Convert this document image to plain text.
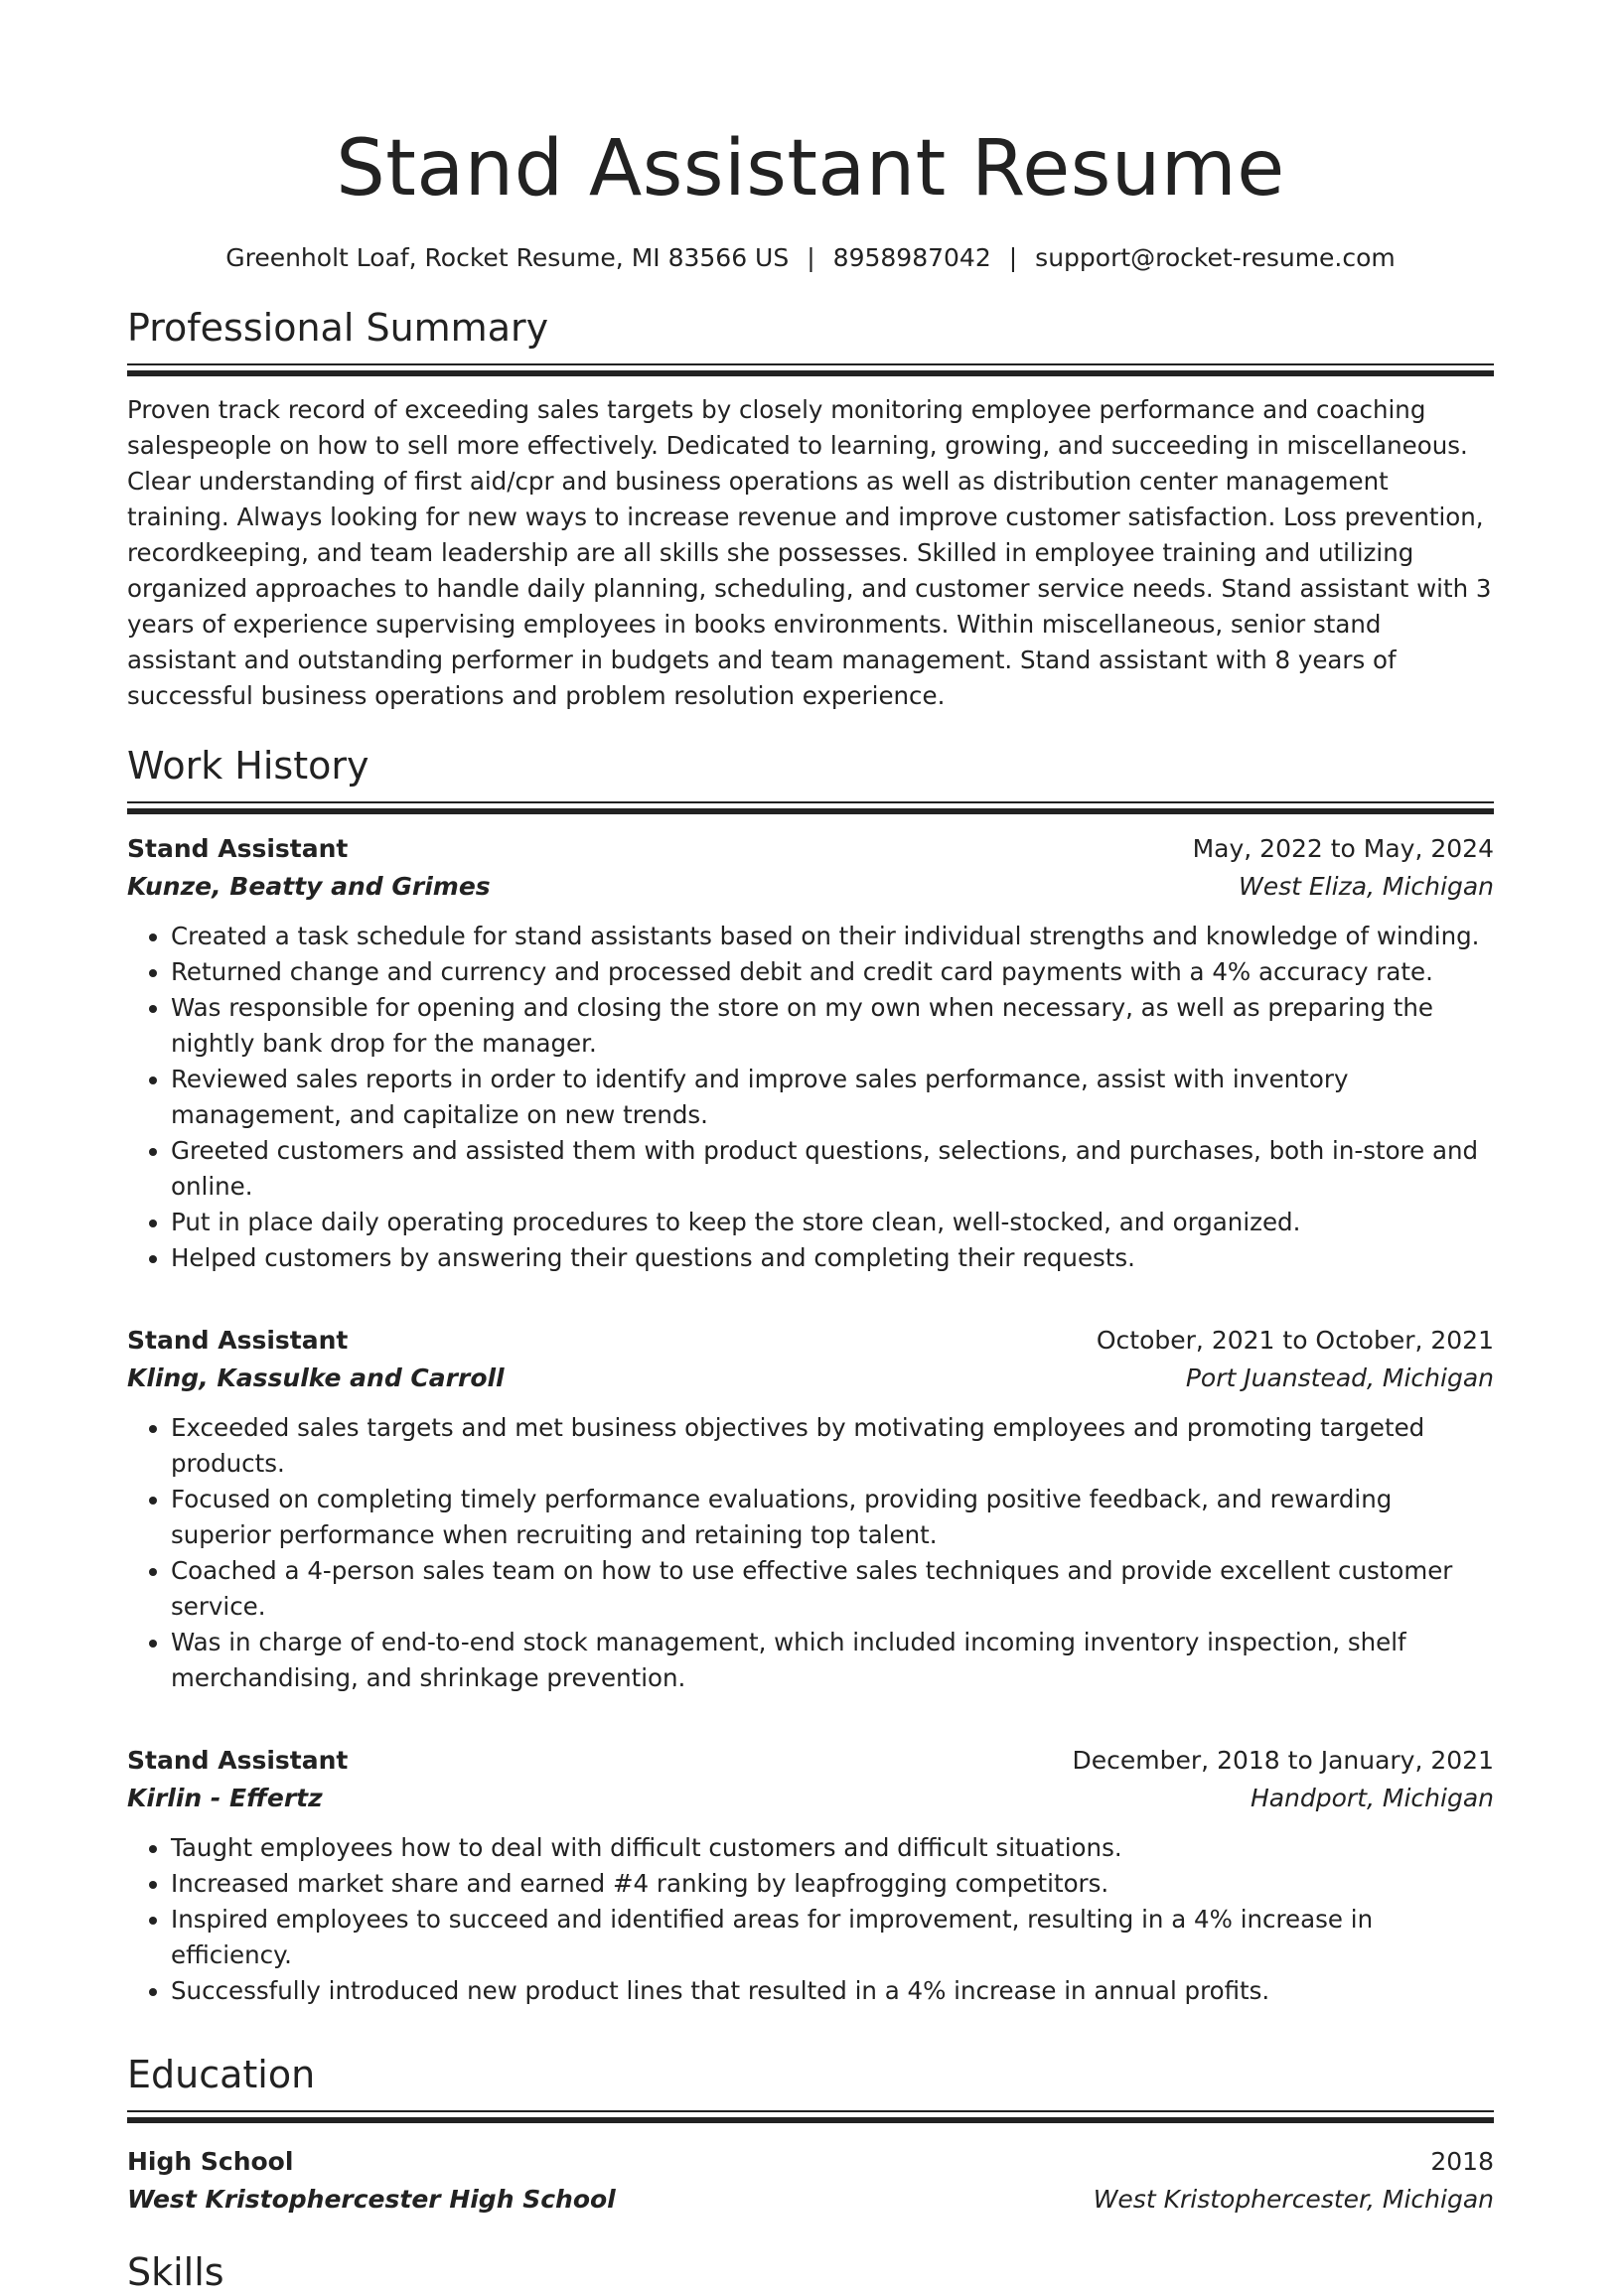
Stand Assistant Resume
Greenholt Loaf, Rocket Resume, MI 83566 US | 8958987042 | support@rocket-resume.com
Professional Summary

Proven track record of exceeding sales targets by closely monitoring employee performance and coaching salespeople on how to sell more effectively. Dedicated to learning, growing, and succeeding in miscellaneous. Clear understanding of first aid/cpr and business operations as well as distribution center management training. Always looking for new ways to increase revenue and improve customer satisfaction. Loss prevention, recordkeeping, and team leadership are all skills she possesses. Skilled in employee training and utilizing organized approaches to handle daily planning, scheduling, and customer service needs. Stand assistant with 3 years of experience supervising employees in books environments. Within miscellaneous, senior stand assistant and outstanding performer in budgets and team management. Stand assistant with 8 years of successful business operations and problem resolution experience.

Work History
Stand Assistant	May, 2022 to May, 2024
Kunze, Beatty and Grimes	West Eliza, Michigan
• Created a task schedule for stand assistants based on their individual strengths and knowledge of winding.
• Returned change and currency and processed debit and credit card payments with a 4% accuracy rate.
• Was responsible for opening and closing the store on my own when necessary, as well as preparing the nightly bank drop for the manager.
• Reviewed sales reports in order to identify and improve sales performance, assist with inventory management, and capitalize on new trends.
• Greeted customers and assisted them with product questions, selections, and purchases, both in-store and online.
• Put in place daily operating procedures to keep the store clean, well-stocked, and organized.
• Helped customers by answering their questions and completing their requests.
Stand Assistant	October, 2021 to October, 2021
Kling, Kassulke and Carroll	Port Juanstead, Michigan
• Exceeded sales targets and met business objectives by motivating employees and promoting targeted products.
• Focused on completing timely performance evaluations, providing positive feedback, and rewarding superior performance when recruiting and retaining top talent.
• Coached a 4-person sales team on how to use effective sales techniques and provide excellent customer service.
• Was in charge of end-to-end stock management, which included incoming inventory inspection, shelf merchandising, and shrinkage prevention.
Stand Assistant	December, 2018 to January, 2021
Kirlin - Effertz	Handport, Michigan
• Taught employees how to deal with difficult customers and difficult situations.
• Increased market share and earned #4 ranking by leapfrogging competitors.
• Inspired employees to succeed and identified areas for improvement, resulting in a 4% increase in efficiency.
• Successfully introduced new product lines that resulted in a 4% increase in annual profits.
Education
High School	2018
West Kristophercester High School	West Kristophercester, Michigan
Skills
